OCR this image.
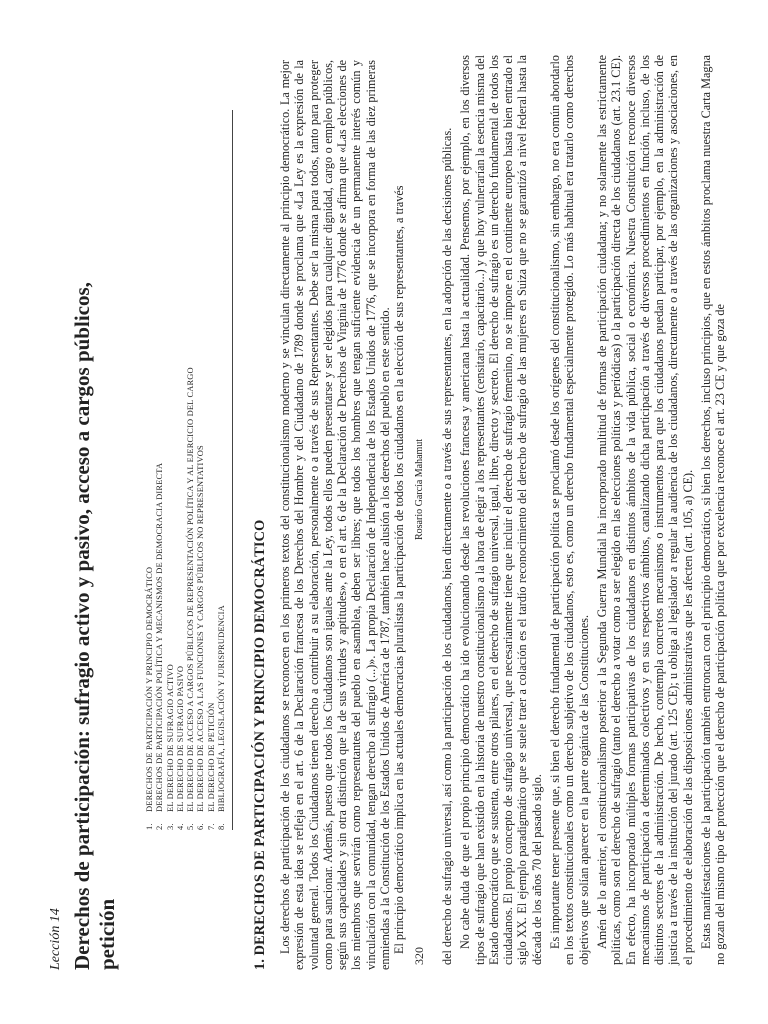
Lección 14 Derechos de participación: sufragio activo y pasivo, acceso a cargos públicos, petición
1.
DERECHOS DE PARTICIPACIÓN Y PRINCIPIO DEMOCRÁTICO
2.
DERECHOS DE PARTICIPACIÓN POLÍTICA Y MECANISMOS DE DEMOCRACIA DIRECTA
3.
EL DERECHO DE SUFRAGIO ACTIVO
4.
EL DERECHO DE SUFRAGIO PASIVO
5.
EL DERECHO DE ACCESO A CARGOS PÚBLICOS DE REPRESENTACIÓN POLÍTICA Y AL EJERCICIO DEL CARGO
6.
EL DERECHO DE ACCESO A LAS FUNCIONES Y CARGOS PÚBLICOS NO REPRESENTATIVOS
7.
EL DERECHO DE PETICIÓN
8.
BIBLIOGRAFÍA, LEGISLACIÓN Y JURISPRUDENCIA 1. DERECHOS DE PARTICIPACIÓN Y PRINCIPIO DEMOCRÁTICO Los derechos de participación de los ciudadanos se reconocen en los primeros textos del constitucionalismo moderno y se vinculan directamente al principio democrático. La mejor expresión de esta idea se refleja en el art. 6 de la Declaración francesa de los Derechos del Hombre y del Ciudadano de 1789 donde se proclama que «La Ley es la expresión de la voluntad general. Todos los Ciudadanos tienen derecho a contribuir a su elaboración, personalmente o a través de sus Representantes. Debe ser la misma para todos, tanto para proteger como para sancionar. Además, puesto que todos los Ciudadanos son iguales ante la Ley, todos ellos pueden presentarse y ser elegidos para cualquier dignidad, cargo o empleo públicos, según sus capacidades y sin otra distinción que la de sus virtudes y aptitudes», o en el art. 6 de la Declaración de Derechos de Virginia de 1776 donde se afirma que «Las elecciones de los miembros que servirán como representantes del pueblo en asamblea, deben ser libres; que todos los hombres que tengan suficiente evidencia de un permanente interés común y vinculación con la comunidad, tengan derecho al sufragio (...)». La propia Declaración de Independencia de los Estados Unidos de 1776, que se incorpora en forma de las diez primeras enmiendas a la Constitución de los Estados Unidos de América de 1787, también hace alusión a los derechos del pueblo en este sentido. El principio democrático implica en las actuales democracias pluralistas la participación de todos los ciudadanos en la elección de sus representantes, a través

320
Rosario García Mahamut del derecho de sufragio universal, así como la participación de los ciudadanos, bien directamente o a través de sus representantes, en la adopción de las decisiones públicas. No cabe duda de que el propio principio democrático ha ido evolucionando desde las revoluciones francesa y americana hasta la actualidad. Pensemos, por ejemplo, en los diversos tipos de sufragio que han existido en la historia de nuestro constitucionalismo a la hora de elegir a los representantes (censitario, capacitario...) y que hoy vulnerarían la esencia misma del Estado democrático que se sustenta, entre otros pilares, en el derecho de sufragio universal, igual, libre, directo y secreto. El derecho de sufragio es un derecho fundamental de todos los ciudadanos. El propio concepto de sufragio universal, que necesariamente tiene que incluir el derecho de sufragio femenino, no se impone en el continente europeo hasta bien entrado el siglo XX. El ejemplo paradigmático que se suele traer a colación es el tardío reconocimiento del derecho de sufragio de las mujeres en Suiza que no se garantizó a nivel federal hasta la década de los años 70 del pasado siglo. Es importante tener presente que, si bien el derecho fundamental de participación política se proclamó desde los orígenes del constitucionalismo, sin embargo, no era común abordarlo en los textos constitucionales como un derecho subjetivo de los ciudadanos, esto es, como un derecho fundamental especialmente protegido. Lo más habitual era tratarlo como derechos objetivos que solían aparecer en la parte orgánica de las Constituciones. Amén de lo anterior, el constitucionalismo posterior a la Segunda Guerra Mundial ha incorporado multitud de formas de participación ciudadana; y no solamente las estrictamente políticas, como son el derecho de sufragio (tanto el derecho a votar como a ser elegido en las elecciones políticas y periódicas) o la participación directa de los ciudadanos (art. 23.1 CE). En efecto, ha incorporado múltiples formas participativas de los ciudadanos en distintos ámbitos de la vida pública, social o económica. Nuestra Constitución reconoce diversos mecanismos de participación a determinados colectivos y en sus respectivos ámbitos, canalizando dicha participación a través de diversos procedimientos en función, incluso, de los distintos sectores de la administración. De hecho, contempla concretos mecanismos o instrumentos para que los ciudadanos puedan participar, por ejemplo, en la administración de justicia a través de la institución del jurado (art. 125 CE); u obliga al legislador a regular la audiencia de los ciudadanos, directamente o a través de las organizaciones y asociaciones, en el procedimiento de elaboración de las disposiciones administrativas que les afecten (art. 105, a) CE). Estas manifestaciones de la participación también entroncan con el principio democrático, si bien los derechos, incluso principios, que en estos ámbitos proclama nuestra Carta Magna no gozan del mismo tipo de protección que el derecho de participación política que por excelencia reconoce el art. 23 CE y que goza de
